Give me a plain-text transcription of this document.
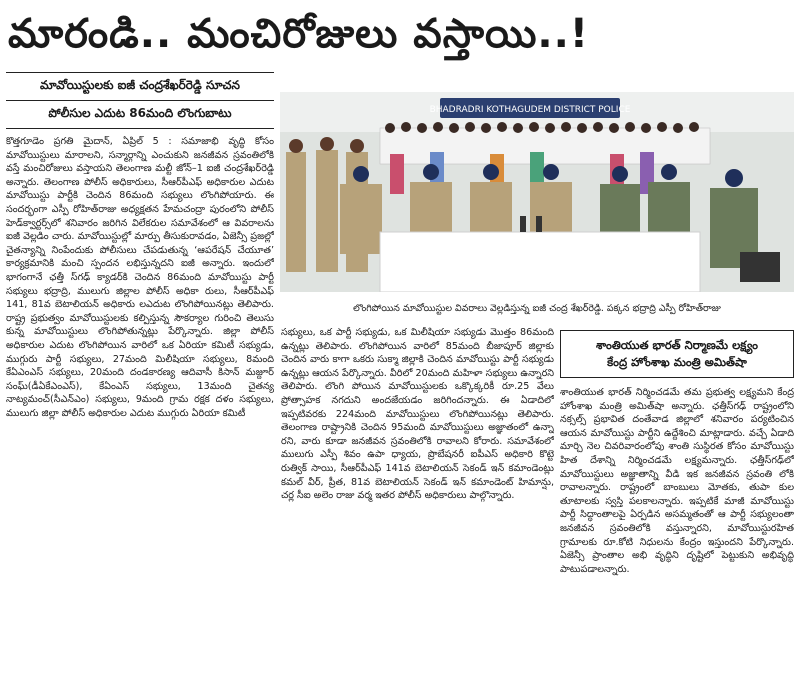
మారండి.. మంచిరోజులు వస్తాయి..!
మావోయిస్టులకు ఐజీ చంద్రశేఖర్‌రెడ్డి సూచన
పోలీసుల ఎదుట 86మంది లొంగుబాటు
కొత్తగూడెం ప్రగతి మైదాన్, ఏప్రిల్ 5 : సమాజాభి వృద్ధి కోసం మావోయిస్టులు మారాలని, సన్మార్గాన్ని ఎంచుకుని జనజీవన స్రవంతిలోకి వస్తే మంచిరోజులు వస్తాయని తెలంగాణ మల్టీ జోన్–1 ఐజీ చంద్రశేఖర్‌రెడ్డి అన్నారు. తెలంగాణ పోలీస్ అధికారులు, సీఆర్‌పీఎఫ్ అధికారుల ఎదుట మావోయిస్టు పార్టీకి చెందిన 86మంది సభ్యులు లొంగిపోయారు. ఈ సందర్భంగా ఎస్పీ రోహిత్‌రాజు అధ్యక్షతన హేమచంద్రా పురంలోని పోలీస్ హెడ్‌క్వార్టర్స్‌లో శనివారం జరిగిన విలేకరుల సమావేశంలో ఆ వివరాలను ఐజీ వెల్లడిం చారు. మావోయిస్టుల్లో మార్పు తీసుకురావడం, ఏజెన్సీ ప్రజల్లో చైతన్యాన్ని నింపేందుకు పోలీసులు చేపడుతున్న ‘ఆపరేషన్ చేయూత’ కార్యక్రమానికి మంచి స్పందన లభిస్తున్నదని ఐజీ అన్నారు. ఇందులో భాగంగానే ఛత్తీ స్‌గఢ్ క్యాడర్‌కి చెందిన 86మంది మావోయిస్టు పార్టీ సభ్యులు భద్రాద్రి, ములుగు జిల్లాల పోలీస్ అధికా రులు, సీఆర్‌పీఎఫ్ 141, 81వ బెటాలియన్ అధికారు లఎదుట లొంగిపోయినట్లు తెలిపారు. రాష్ట్ర ప్రభుత్వం మావోయిస్టులకు కల్పిస్తున్న సౌకర్యాల గురించి తెలుసు కున్న మావోయిస్టులు లొంగిపోతున్నట్లు పేర్కొన్నారు. జిల్లా పోలీస్ అధికారుల ఎదుట లొంగిపోయిన వారిలో ఒక ఏరియా కమిటీ సభ్యుడు, ముగ్గురు పార్టీ సభ్యులు, 27మంది మిలీషియా సభ్యులు, 8మంది కేఏఎంఎస్ సభ్యులు, 20మంది దండకారణ్య ఆదివాసీ కిసాన్ మజ్దూర్ సంఘ్(డీఏకేఎంఎస్), కేఏంఎస్ సభ్యులు, 13మంది చైతన్య నాట్యమంచ్(సీఎన్ఎం) సభ్యులు, 9మంది గ్రామ రక్షక దళం సభ్యులు, ములుగు జిల్లా పోలీస్ అధికారుల ఎదుట ముగ్గురు ఏరియా కమిటీ
BHADRADRI KOTHAGUDEM DISTRICT POLICE
లొంగిపోయిన మావోయిస్టుల వివరాలు వెల్లడిస్తున్న ఐజీ చంద్ర శేఖర్‌రెడ్డి. పక్కన భద్రాద్రి ఎస్పీ రోహిత్‌రాజు
సభ్యులు, ఒక పార్టీ సభ్యుడు, ఒక మిలీషియా సభ్యుడు మొత్తం 86మంది ఉన్నట్లు తెలిపారు. లొంగిపోయిన వారిలో 85మంది బీజాపూర్ జిల్లాకు చెందిన వారు కాగా ఒకరు సుక్మా జిల్లాకి చెందిన మావోయిస్టు పార్టీ సభ్యుడు ఉన్నట్లు ఆయన పేర్కొన్నారు. వీరిలో 20మంది మహిళా సభ్యులు ఉన్నారని తెలిపారు. లొంగి పోయిన మావోయిస్టులకు ఒక్కొక్కరికీ రూ.25 వేలు ప్రోత్సాహక నగదుని అందజేయడం జరిగిందన్నారు. ఈ ఏడాదిలో ఇప్పటివరకు 224మంది మావోయిస్టులు లొంగిపోయినట్లు తెలిపారు. తెలంగాణ రాష్ట్రానికి చెందిన 95మంది మావోయిస్టులు అజ్ఞాతంలో ఉన్నా రని, వారు కూడా జనజీవన స్రవంతిలోకి రావాలని కోరారు. సమావేశంలో ములుగు ఎస్పీ శివం ఉపా ధ్యాయ, ప్రొబేషనరీ ఐపీఎస్ అధికారి కొట్టె రుత్విక్ సాయి, సీఆర్‌పీఎఫ్ 141వ బెటాలియన్ సెకండ్ ఇన్ కమాండెంట్లు కమల్ వీర్, ప్రీత, 81వ బెటాలియన్ సెకండ్ ఇన్ కమాండెంట్ హిమాన్షు, చర్ల సీఐ అలెం రాజు వర్మ ఇతర పోలీస్ అధికారులు పాల్గొన్నారు.
శాంతియుత భారత్ నిర్మాణమే లక్ష్యం
కేంద్ర హోంశాఖ మంత్రి అమిత్‌షా
శాంతియుత భారత్ నిర్మించడమే తమ ప్రభుత్వ లక్ష్యమని కేంద్ర హోంశాఖ మంత్రి అమిత్‌షా అన్నారు. ఛత్తీస్‌గఢ్ రాష్ట్రంలోని నక్సల్స్ ప్రభావిత దంతేవాడ జిల్లాలో శనివారం పర్యటించిన ఆయన మావోయిస్టు పార్టీని ఉద్దేశించి మాట్లాడారు. వచ్చే ఏడాది మార్చి నెల చివరివారంలోపు శాంతి సుస్థిరత కోసం మావోయిస్టు హిత దేశాన్ని నిర్మించడమే లక్ష్యమన్నారు. ఛత్తీస్‌గఢ్‌లో మావోయిస్టులు అజ్ఞాతాన్ని వీడి ఇక జనజీవన స్రవంతి లోకి రావాలన్నారు. రాష్ట్రంలో బాంబులు మోతకు, తుపా కుల తూటాలకు స్వస్తి పలకాలన్నారు. ఇప్పటికే మాజీ మావోయిస్టు పార్టీ సిద్ధాంతాలపై ఏర్పడిన అసమ్మతంతో ఆ పార్టీ సభ్యులంతా జనజీవన స్రవంతిలోకి వస్తున్నారని, మావోయిస్టురహిత గ్రామాలకు రూ.కోటి నిధులను కేంద్రం ఇస్తుందని పేర్కొన్నారు. ఏజెన్సీ ప్రాంతాల అభి వృద్ధిని దృష్టిలో పెట్టుకుని అభివృద్ధి పాటుపడాలన్నారు.
